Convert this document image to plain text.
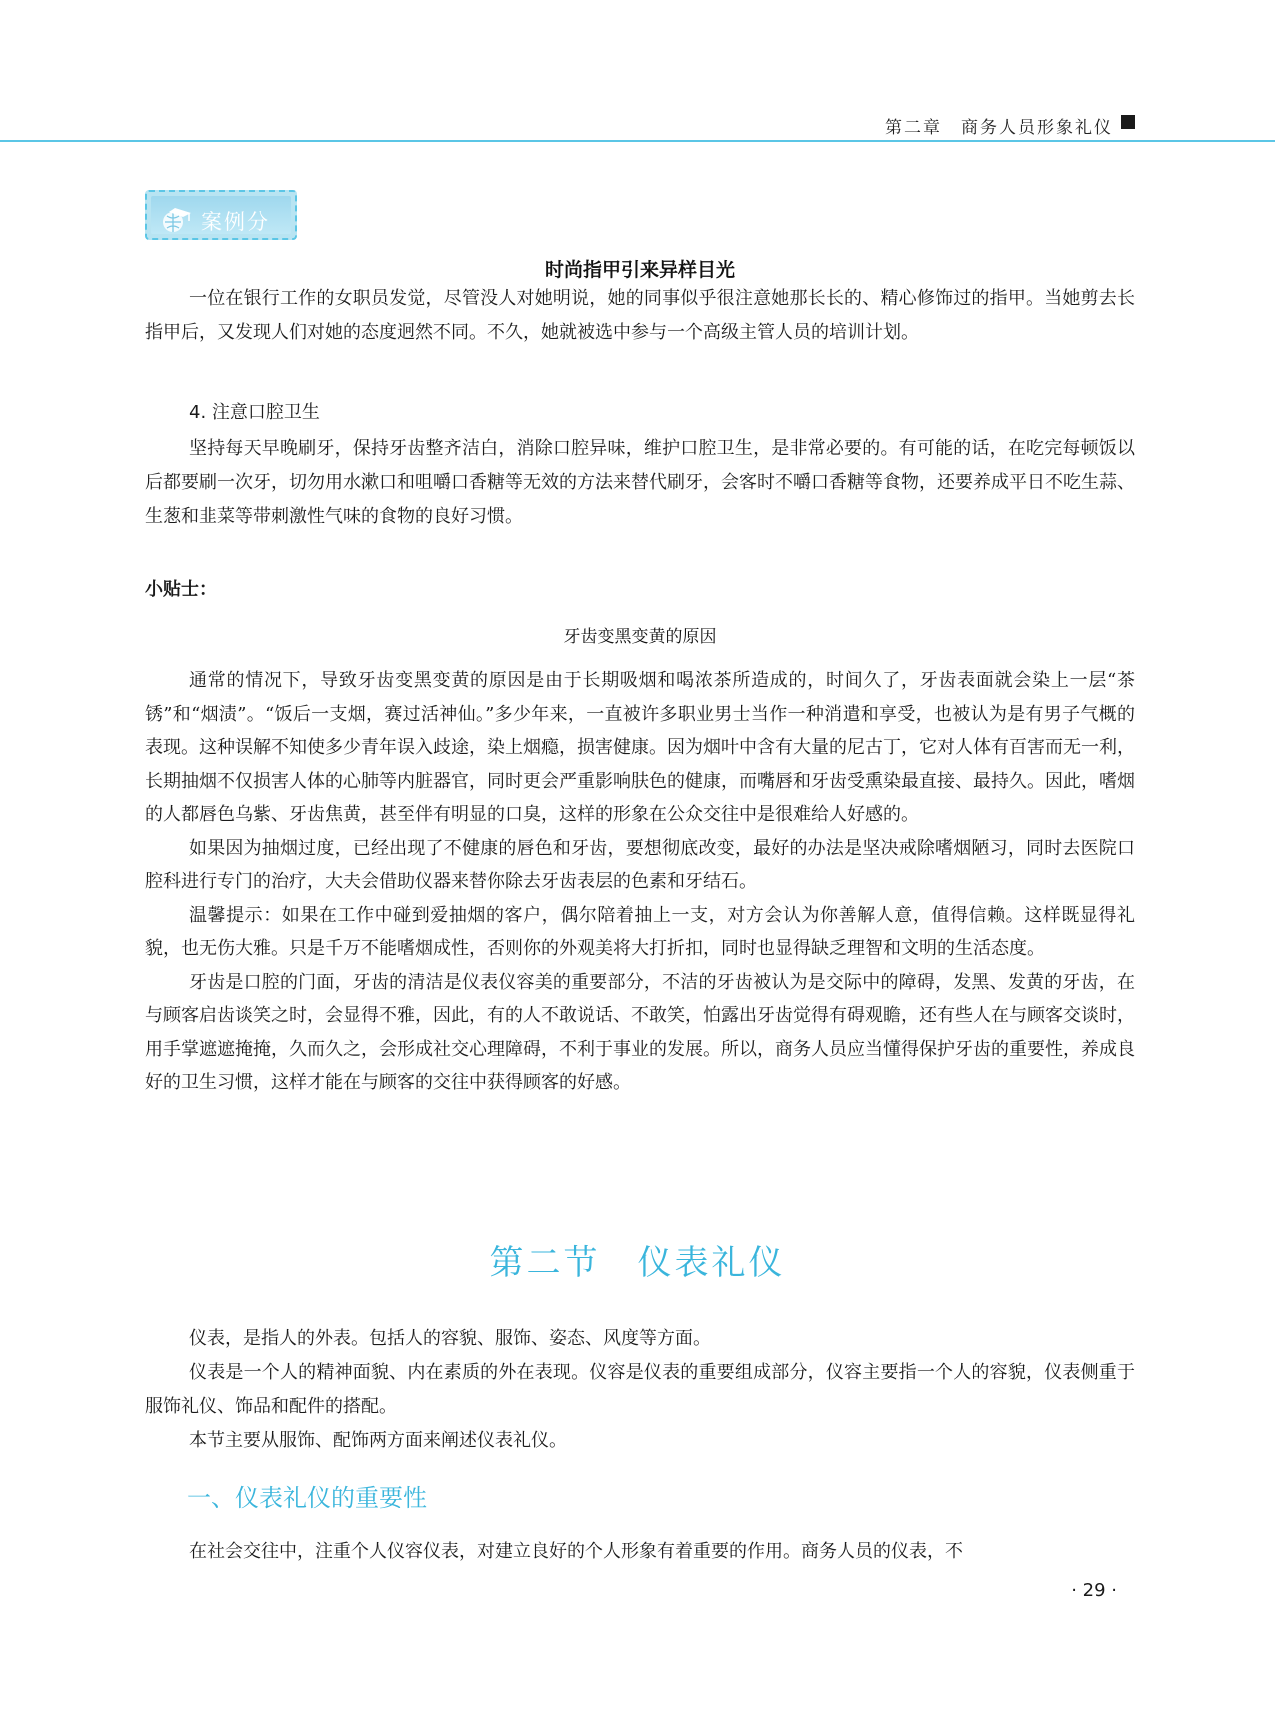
第二章　商务人员形象礼仪
案例分析
时尚指甲引来异样目光

一位在银行工作的女职员发觉，尽管没人对她明说，她的同事似乎很注意她那长长的、精心修饰过的指甲。当她剪去长指甲后，又发现人们对她的态度迥然不同。不久，她就被选中参与一个高级主管人员的培训计划。

4. 注意口腔卫生

坚持每天早晚刷牙，保持牙齿整齐洁白，消除口腔异味，维护口腔卫生，是非常必要的。有可能的话，在吃完每顿饭以后都要刷一次牙，切勿用水漱口和咀嚼口香糖等无效的方法来替代刷牙，会客时不嚼口香糖等食物，还要养成平日不吃生蒜、生葱和韭菜等带刺激性气味的食物的良好习惯。

小贴士：
牙齿变黑变黄的原因

通常的情况下，导致牙齿变黑变黄的原因是由于长期吸烟和喝浓茶所造成的，时间久了，牙齿表面就会染上一层“茶锈”和“烟渍”。“饭后一支烟，赛过活神仙。”多少年来，一直被许多职业男士当作一种消遣和享受，也被认为是有男子气概的表现。这种误解不知使多少青年误入歧途，染上烟瘾，损害健康。因为烟叶中含有大量的尼古丁，它对人体有百害而无一利，长期抽烟不仅损害人体的心肺等内脏器官，同时更会严重影响肤色的健康，而嘴唇和牙齿受熏染最直接、最持久。因此，嗜烟的人都唇色乌紫、牙齿焦黄，甚至伴有明显的口臭，这样的形象在公众交往中是很难给人好感的。

如果因为抽烟过度，已经出现了不健康的唇色和牙齿，要想彻底改变，最好的办法是坚决戒除嗜烟陋习，同时去医院口腔科进行专门的治疗，大夫会借助仪器来替你除去牙齿表层的色素和牙结石。

温馨提示：如果在工作中碰到爱抽烟的客户，偶尔陪着抽上一支，对方会认为你善解人意，值得信赖。这样既显得礼貌，也无伤大雅。只是千万不能嗜烟成性，否则你的外观美将大打折扣，同时也显得缺乏理智和文明的生活态度。

牙齿是口腔的门面，牙齿的清洁是仪表仪容美的重要部分，不洁的牙齿被认为是交际中的障碍，发黑、发黄的牙齿，在与顾客启齿谈笑之时，会显得不雅，因此，有的人不敢说话、不敢笑，怕露出牙齿觉得有碍观瞻，还有些人在与顾客交谈时，用手掌遮遮掩掩，久而久之，会形成社交心理障碍，不利于事业的发展。所以，商务人员应当懂得保护牙齿的重要性，养成良好的卫生习惯，这样才能在与顾客的交往中获得顾客的好感。

第二节　仪表礼仪

仪表，是指人的外表。包括人的容貌、服饰、姿态、风度等方面。

仪表是一个人的精神面貌、内在素质的外在表现。仪容是仪表的重要组成部分，仪容主要指一个人的容貌，仪表侧重于服饰礼仪、饰品和配件的搭配。

本节主要从服饰、配饰两方面来阐述仪表礼仪。

一、仪表礼仪的重要性

在社会交往中，注重个人仪容仪表，对建立良好的个人形象有着重要的作用。商务人员的仪表，不

· 29 ·
